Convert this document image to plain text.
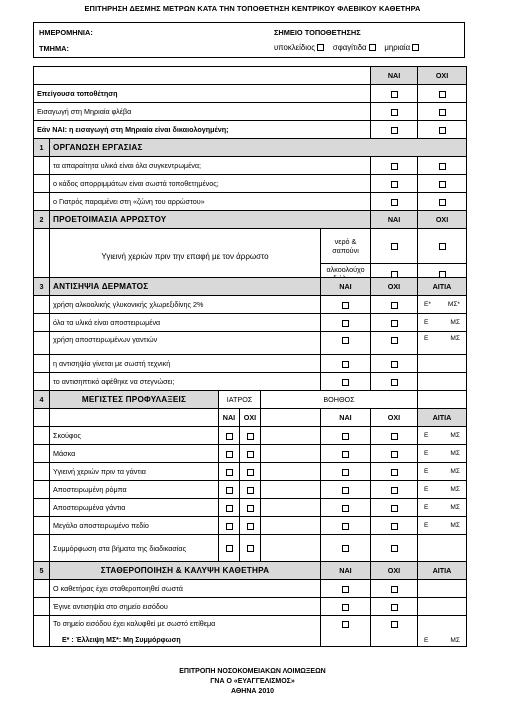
ΕΠΙΤΗΡΗΣΗ ΔΕΣΜΗΣ ΜΕΤΡΩΝ ΚΑΤΑ ΤΗΝ ΤΟΠΟΘΕΤΗΣΗ ΚΕΝΤΡΙΚΟΥ ΦΛΕΒΙΚΟΥ ΚΑΘΕΤΗΡΑ
ΗΜΕΡΟΜΗΝΙΑ:
ΤΜΗΜΑ:
ΣΗΜΕΙΟ ΤΟΠΟΘΕΤΗΣΗΣ
υποκλείδιος σφαγίτιδα μηριαία
			ΝΑΙ	ΟΧΙ
Επείγουσα τοποθέτηση				
Εισαγωγή στη Μηριαία φλέβα				
Εάν ΝΑΙ: η εισαγωγή στη Μηριαία είναι δικαιολογημένη;				
1	ΟΡΓΑΝΩΣΗ ΕΡΓΑΣΙΑΣ			
	τα απαραίτητα υλικά είναι όλα συγκεντρωμένα;			
	ο κάδος απορριμμάτων είναι σωστά τοποθετημένος;			
	ο Γιατρός παραμένει στη «ζώνη του αρρώστου»			
2	ΠΡΟΕΤΟΙΜΑΣΙΑ ΑΡΡΩΣΤΟΥ		ΝΑΙ	ΟΧΙ
	Υγιεινή χεριών πριν την επαφή με τον άρρωστο	νερό & σαπούνι		
		αλκοολούχο		
3	ΑΝΤΙΣΗΨΙΑ ΔΕΡΜΑΤΟΣ				ΝΑΙ	ΟΧΙ	ΑΙΤΙΑ
	χρήση αλκοολικής γλυκονικής χλωρεξιδίνης 2%						Ε* ΜΣ*

	όλα τα υλικά είναι αποστειρωμένα						Ε ΜΣ

	χρήση αποστειρωμένων γαντιών						Ε ΜΣ

	η αντισηψία γίνεται με σωστή τεχνική						
	το αντισηπτικό αφέθηκε να στεγνώσει;						
4	ΜΕΓΙΣΤΕΣ ΠΡΟΦΥΛΑΞΕΙΣ	ΙΑΤΡΟΣ		ΒΟΗΘΟΣ			
		ΝΑΙ	ΟΧΙ		ΝΑΙ	ΟΧΙ	ΑΙΤΙΑ
	Σκούφος						Ε ΜΣ

	Μάσκα						Ε ΜΣ

	Υγιεινή χεριών πριν τα γάντια						Ε ΜΣ

	Αποστειρωμένη ρόμπα						Ε ΜΣ

	Αποστειρωμένα γάντια						Ε ΜΣ

	Μεγάλο αποστειρωμένο πεδίο						Ε ΜΣ

	Συμμόρφωση στα βήματα της διαδικασίας						
5	ΣΤΑΘΕΡΟΠΟΙΗΣΗ & ΚΑΛΥΨΗ ΚΑΘΕΤΗΡΑ				ΝΑΙ	ΟΧΙ	ΑΙΤΙΑ
	Ο καθετήρας έχει σταθεροποιηθεί σωστά						
	Έγινε αντισηψία στο σημείο εισόδου						
	Το σημείο εισόδου έχει καλυφθεί με σωστό επίθεμα						Ε ΜΣ
Ε* : Έλλειψη ΜΣ*: Μη Συμμόρφωση
ΕΠΙΤΡΟΠΗ ΝΟΣΟΚΟΜΕΙΑΚΩΝ ΛΟΙΜΩΞΕΩΝ
ΓΝΑ Ο «ΕΥΑΓΓΕΛΙΣΜΟΣ»
ΑΘΗΝΑ 2010
